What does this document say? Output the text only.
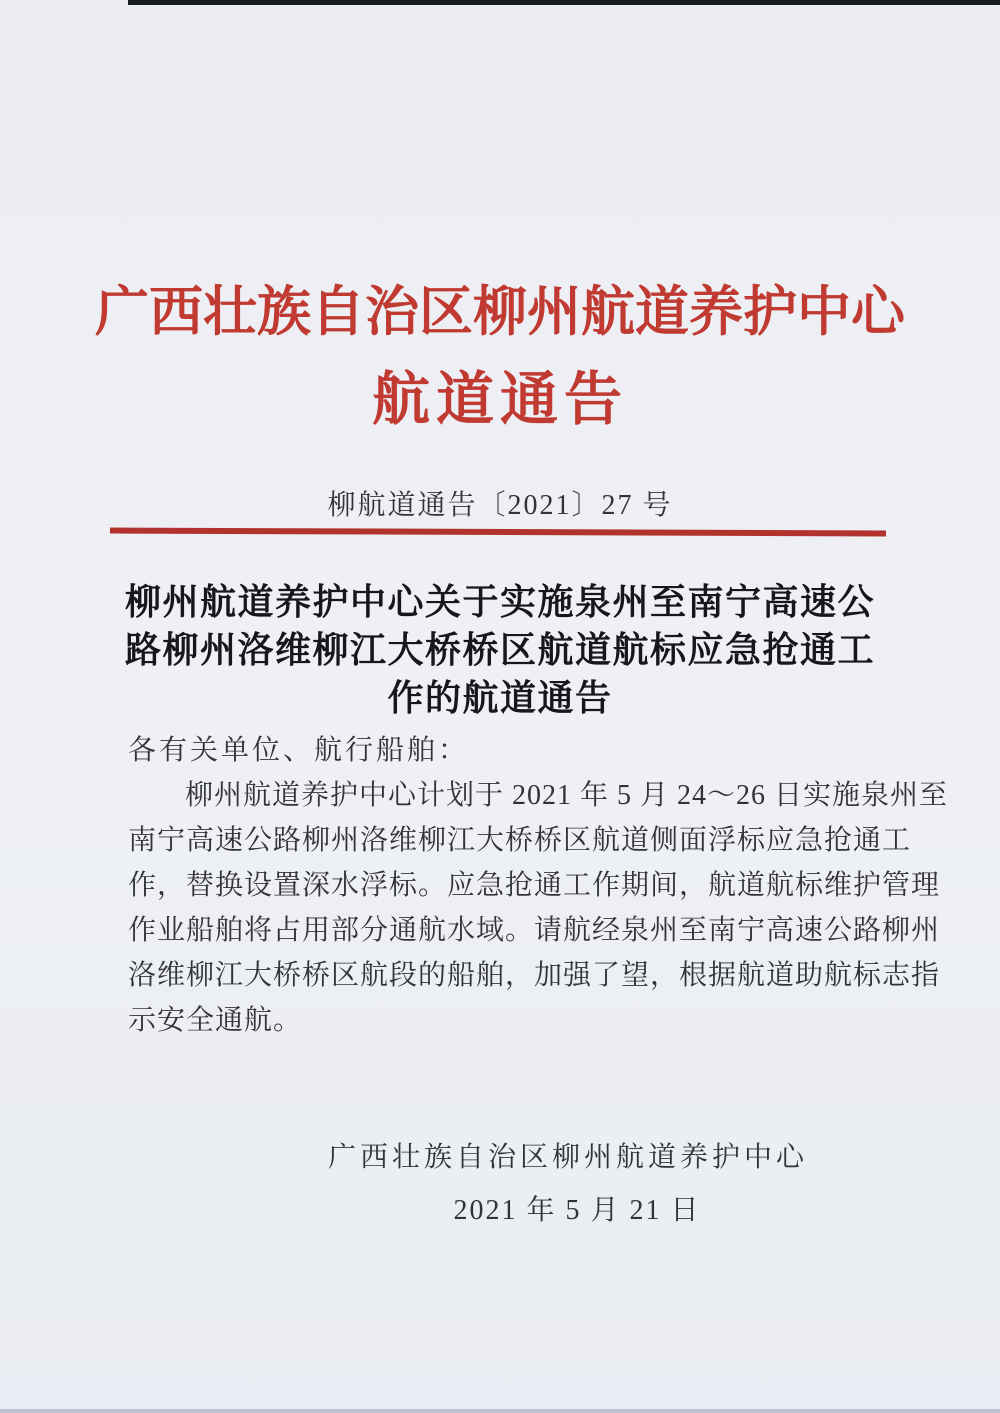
广西壮族自治区柳州航道养护中心
航道通告
柳航道通告〔2021〕27 号
柳州航道养护中心关于实施泉州至南宁高速公
路柳州洛维柳江大桥桥区航道航标应急抢通工
作的航道通告
各有关单位、航行船舶：
柳州航道养护中心计划于 2021 年 5 月 24～26 日实施泉州至
南宁高速公路柳州洛维柳江大桥桥区航道侧面浮标应急抢通工
作，替换设置深水浮标。应急抢通工作期间，航道航标维护管理
作业船舶将占用部分通航水域。请航经泉州至南宁高速公路柳州
洛维柳江大桥桥区航段的船舶，加强了望，根据航道助航标志指
示安全通航。
广西壮族自治区柳州航道养护中心
2021 年 5 月 21 日
